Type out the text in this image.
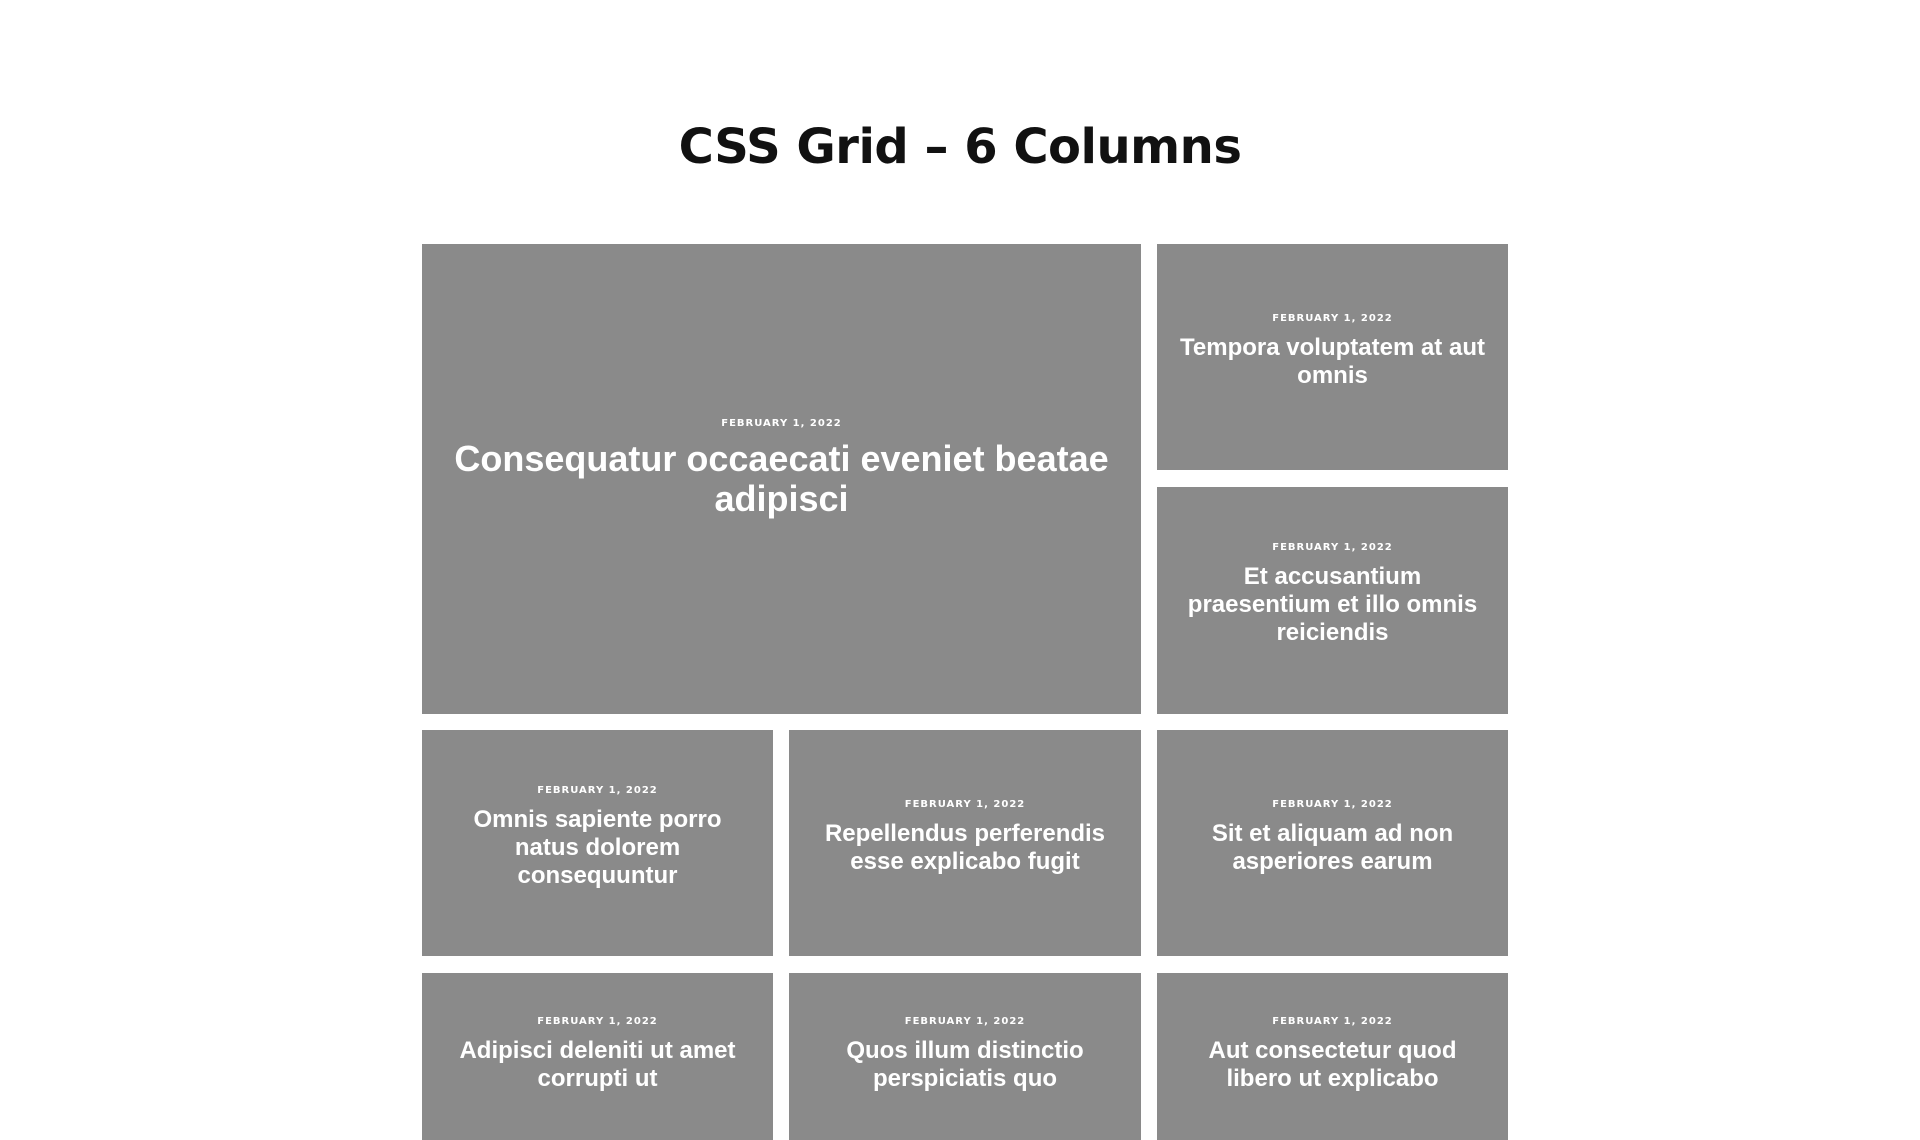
CSS Grid – 6 Columns
FEBRUARY 1, 2022
Consequatur occaecati eveniet beatae adipisci
FEBRUARY 1, 2022
Tempora voluptatem at aut omnis
FEBRUARY 1, 2022
Et accusantium praesentium et illo omnis reiciendis
FEBRUARY 1, 2022
Omnis sapiente porro natus dolorem consequuntur
FEBRUARY 1, 2022
Repellendus perferendis esse explicabo fugit
FEBRUARY 1, 2022
Sit et aliquam ad non asperiores earum
FEBRUARY 1, 2022
Adipisci deleniti ut amet corrupti ut
FEBRUARY 1, 2022
Quos illum distinctio perspiciatis quo
FEBRUARY 1, 2022
Aut consectetur quod libero ut explicabo
